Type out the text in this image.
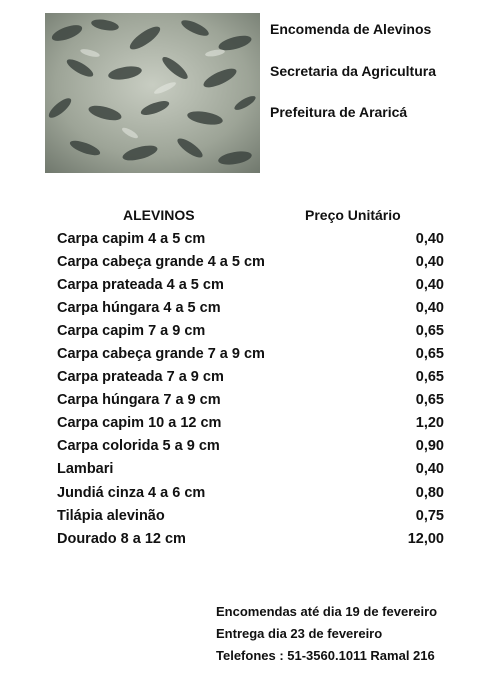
Encomenda de Alevinos
Secretaria da Agricultura
Prefeitura de Araricá
ALEVINOS	Preço Unitário
Carpa capim 4 a 5 cm	0,40
Carpa cabeça grande 4 a 5 cm	0,40
Carpa prateada 4 a 5 cm	0,40
Carpa húngara 4 a 5 cm	0,40
Carpa capim 7 a 9 cm	0,65
Carpa cabeça grande 7 a 9 cm	0,65
Carpa prateada 7 a 9 cm	0,65
Carpa húngara 7 a 9 cm	0,65
Carpa capim 10 a 12 cm	1,20
Carpa colorida 5 a 9 cm	0,90
Lambari	0,40
Jundiá cinza 4 a 6 cm	0,80
Tilápia alevinão	0,75
Dourado 8 a 12 cm	12,00
Encomendas até dia 19 de fevereiro
Entrega dia 23 de fevereiro
Telefones : 51-3560.1011 Ramal 216
